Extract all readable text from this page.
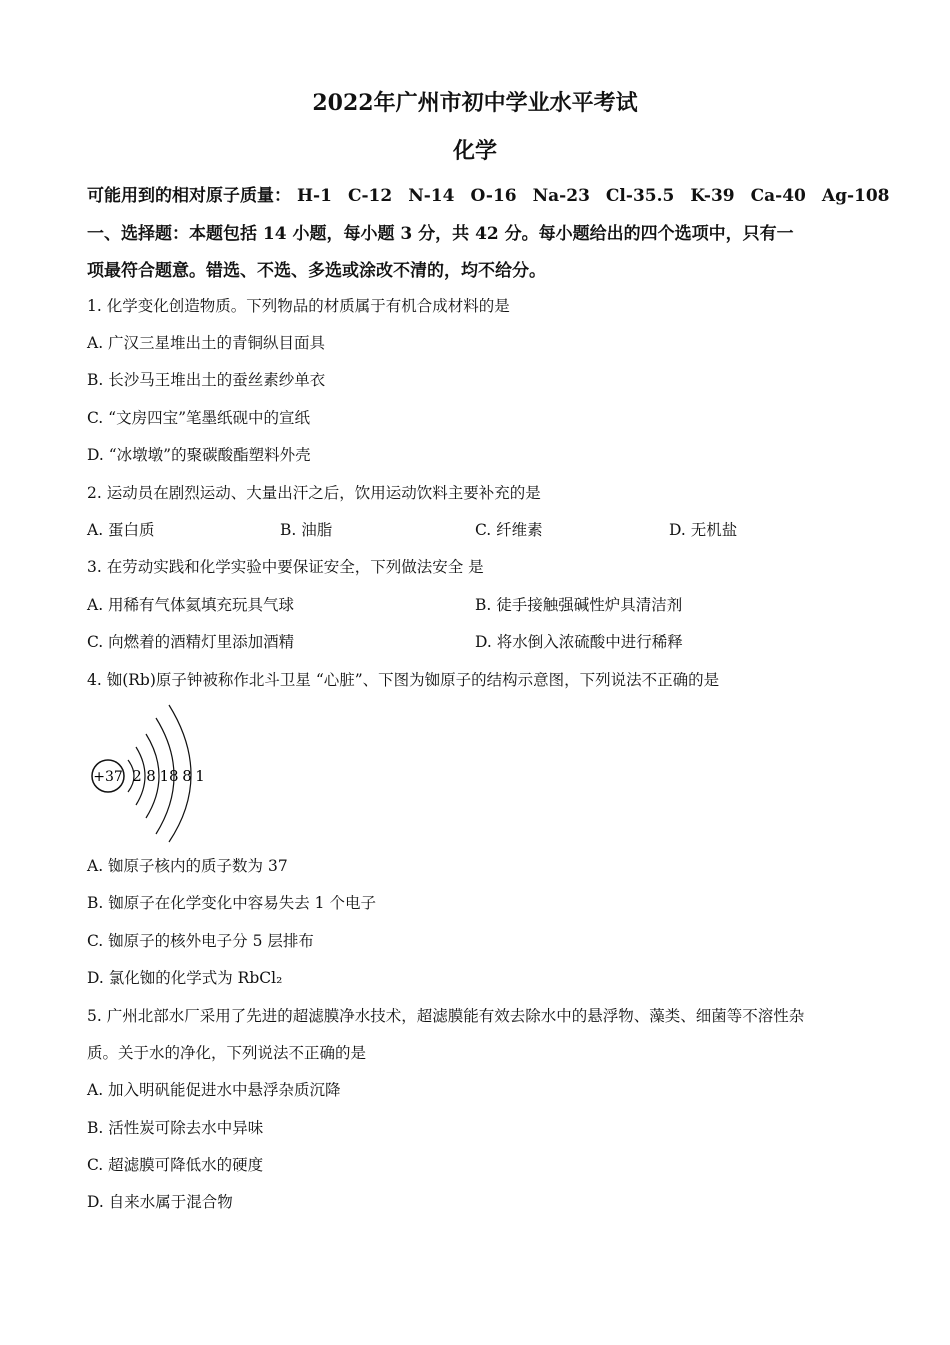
2022年广州市初中学业水平考试
化学
可能用到的相对原子质量： H-1 C-12 N-14 O-16 Na-23 Cl-35.5 K-39 Ca-40 Ag-108
一、选择题：本题包括 14 小题，每小题 3 分，共 42 分。每小题给出的四个选项中，只有一
项最符合题意。错选、不选、多选或涂改不清的，均不给分。
1. 化学变化创造物质。下列物品的材质属于有机合成材料的是
A. 广汉三星堆出土的青铜纵目面具
B. 长沙马王堆出土的蚕丝素纱单衣
C. “文房四宝”笔墨纸砚中的宣纸
D. “冰墩墩”的聚碳酸酯塑料外壳
2. 运动员在剧烈运动、大量出汗之后，饮用运动饮料主要补充的是
A. 蛋白质	B. 油脂	C. 纤维素	D. 无机盐
3. 在劳动实践和化学实验中要保证安全，下列做法安全 是
A. 用稀有气体氦填充玩具气球	B. 徒手接触强碱性炉具清洁剂
C. 向燃着的酒精灯里添加酒精	D. 将水倒入浓硫酸中进行稀释
4. 铷(Rb)原子钟被称作北斗卫星 “心脏”、下图为铷原子的结构示意图，下列说法不正确的是
+37 2 8 18 8 1
A. 铷原子核内的质子数为 37
B. 铷原子在化学变化中容易失去 1 个电子
C. 铷原子的核外电子分 5 层排布
D. 氯化铷的化学式为 RbCl₂
5. 广州北部水厂采用了先进的超滤膜净水技术，超滤膜能有效去除水中的悬浮物、藻类、细菌等不溶性杂
质。关于水的净化，下列说法不正确的是
A. 加入明矾能促进水中悬浮杂质沉降
B. 活性炭可除去水中异味
C. 超滤膜可降低水的硬度
D. 自来水属于混合物
